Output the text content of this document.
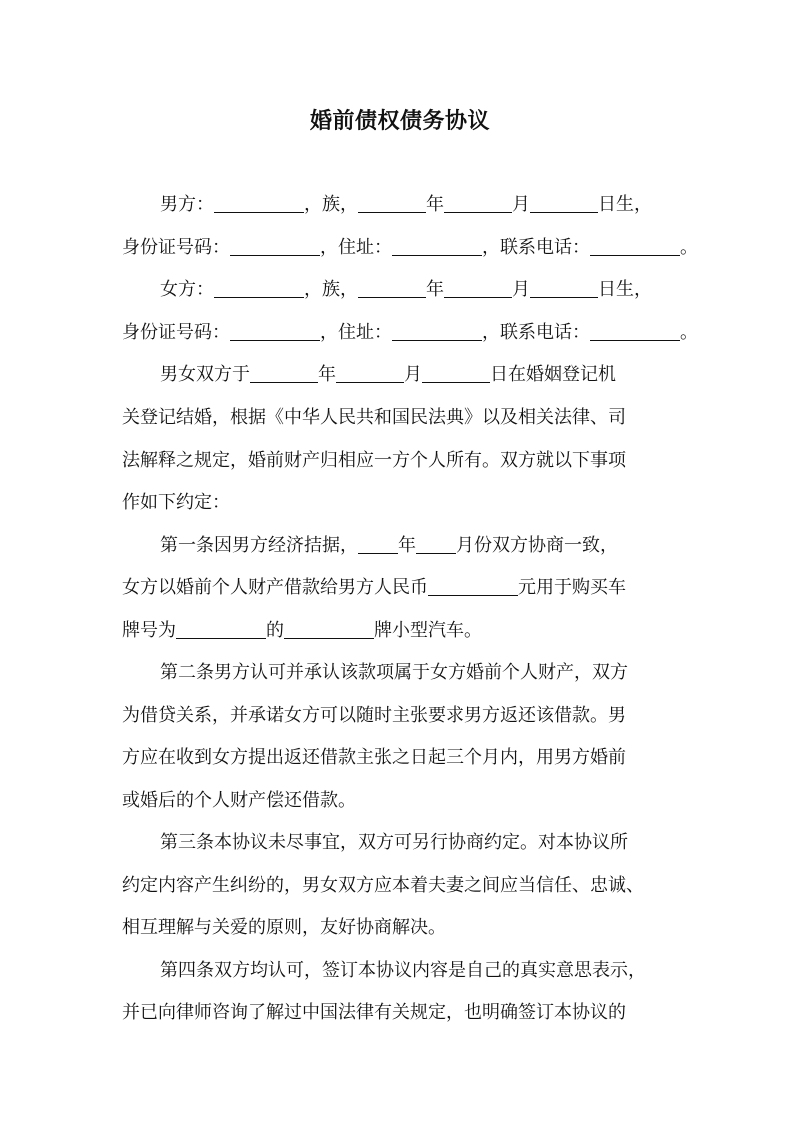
婚前债权债务协议
男方：	，族，	年	月	日生，
身份证号码：	，住址：	，联系电话：	。
女方：	，族，	年	月	日生，
身份证号码：	，住址：	，联系电话：	。
男女双方于	年	月	日在婚姻登记机
关登记结婚，根据《中华人民共和国民法典》以及相关法律、司
法解释之规定，婚前财产归相应一方个人所有。双方就以下事项
作如下约定：
第一条因男方经济拮据， 年 月份双方协商一致，
女方以婚前个人财产借款给男方人民币	元用于购买车
牌号为	的	牌小型汽车。
第二条男方认可并承认该款项属于女方婚前个人财产，双方
为借贷关系，并承诺女方可以随时主张要求男方返还该借款。男
方应在收到女方提出返还借款主张之日起三个月内，用男方婚前
或婚后的个人财产偿还借款。
第三条本协议未尽事宜，双方可另行协商约定。对本协议所
约定内容产生纠纷的，男女双方应本着夫妻之间应当信任、忠诚、
相互理解与关爱的原则，友好协商解决。
第四条双方均认可，签订本协议内容是自己的真实意思表示，
并已向律师咨询了解过中国法律有关规定，也明确签订本协议的
